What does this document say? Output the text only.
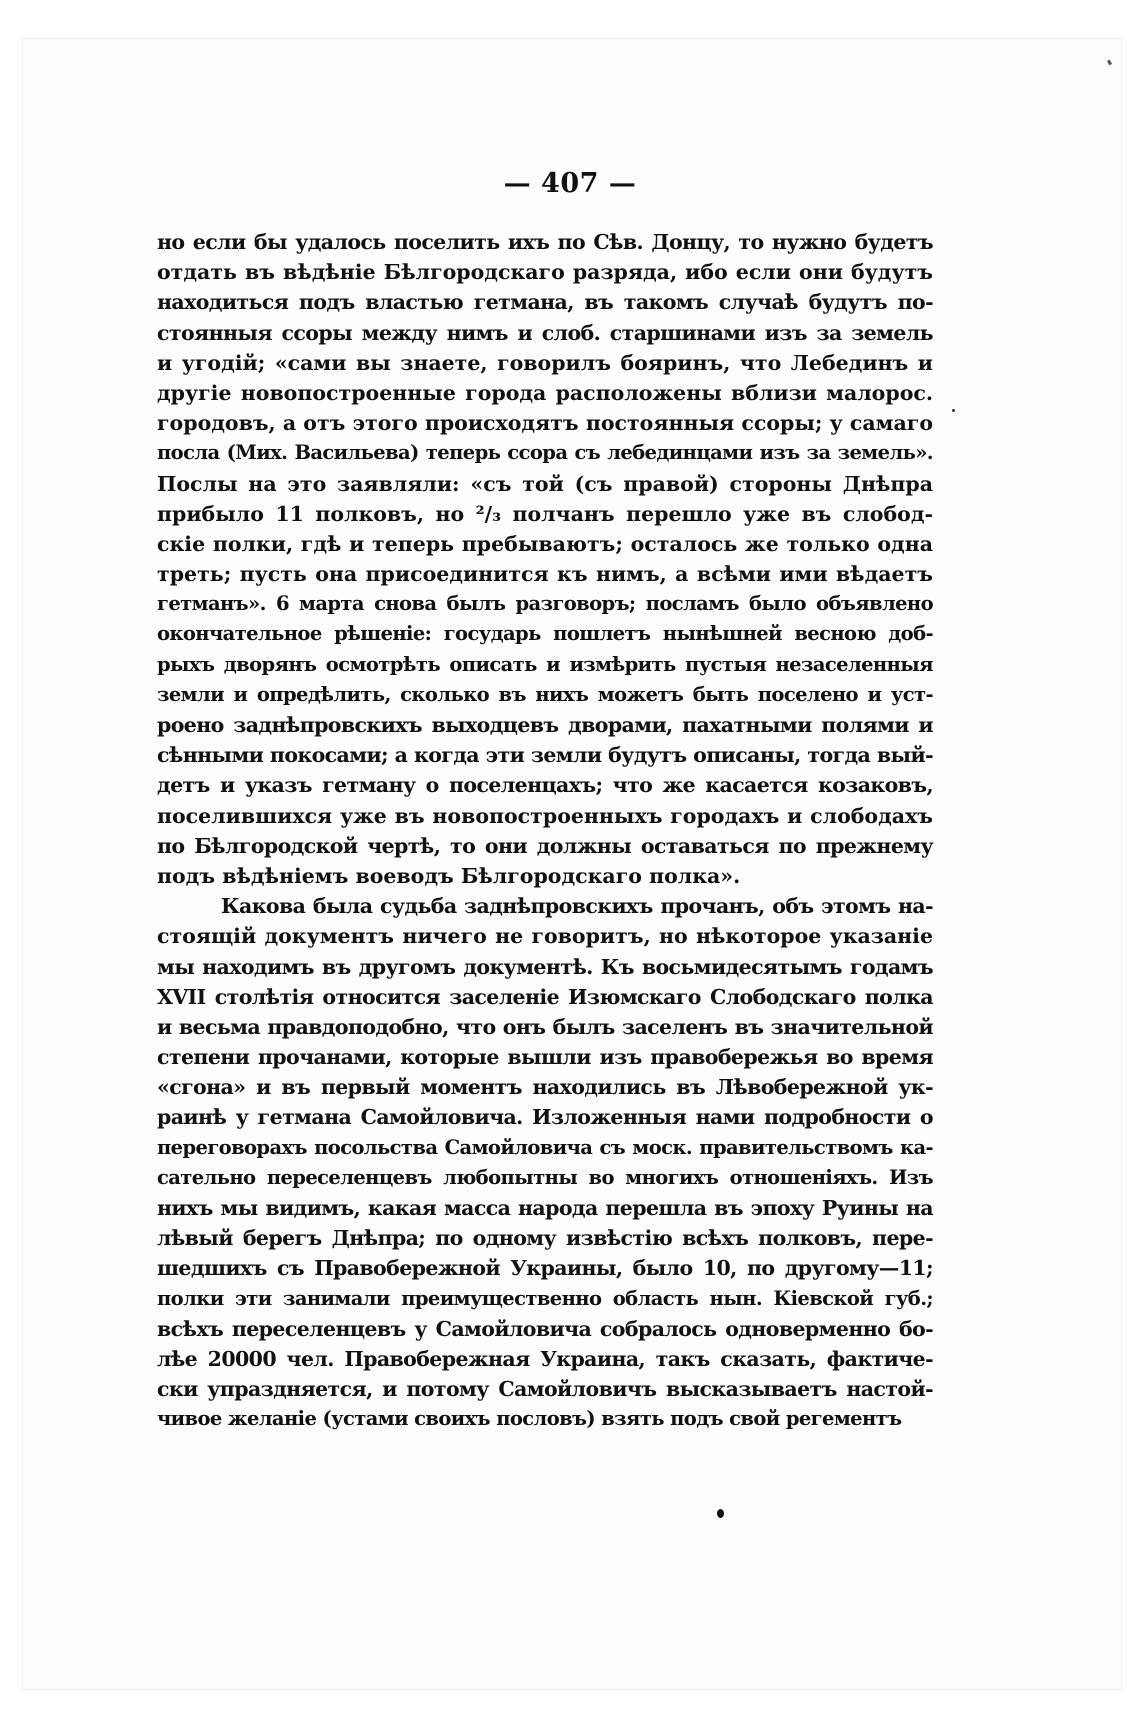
— 407 —
но если бы удалось поселить ихъ по Сѣв. Донцу, то нужно будетъ
отдать въ вѣдѣніе Бѣлгородскаго разряда, ибо если они будутъ
находиться подъ властью гетмана, въ такомъ случаѣ будутъ по-
стоянныя ссоры между нимъ и слоб. старшинами изъ за земель
и угодій; «сами вы знаете, говорилъ бояринъ, что Лебединъ и
другіе новопостроенные города расположены вблизи малорос.
городовъ, а отъ этого происходятъ постоянныя ссоры; у самаго
посла (Мих. Васильева) теперь ссора съ лебединцами изъ за земель».
Послы на это заявляли: «съ той (съ правой) стороны Днѣпра
прибыло 11 полковъ, но ²/₃ полчанъ перешло уже въ слобод-
скіе полки, гдѣ и теперь пребываютъ; осталось же только одна
треть; пусть она присоединится къ нимъ, а всѣми ими вѣдаетъ
гетманъ». 6 марта снова былъ разговоръ; посламъ было объявлено
окончательное рѣшеніе: государь пошлетъ нынѣшней весною доб-
рыхъ дворянъ осмотрѣть описать и измѣрить пустыя незаселенныя
земли и опредѣлить, сколько въ нихъ можетъ быть поселено и уст-
роено заднѣпровскихъ выходцевъ дворами, пахатными полями и
сѣнными покосами; а когда эти земли будутъ описаны, тогда вый-
детъ и указъ гетману о поселенцахъ; что же касается козаковъ,
поселившихся уже въ новопостроенныхъ городахъ и слободахъ
по Бѣлгородской чертѣ, то они должны оставаться по прежнему
подъ вѣдѣніемъ воеводъ Бѣлгородскаго полка».
Какова была судьба заднѣпровскихъ прочанъ, объ этомъ на-
стоящій документъ ничего не говоритъ, но нѣкоторое указаніе
мы находимъ въ другомъ документѣ. Къ восьмидесятымъ годамъ
XVII столѣтія относится заселеніе Изюмскаго Слободскаго полка
и весьма правдоподобно, что онъ былъ заселенъ въ значительной
степени прочанами, которые вышли изъ правобережья во время
«сгона» и въ первый моментъ находились въ Лѣвобережной ук-
раинѣ у гетмана Самойловича. Изложенныя нами подробности о
переговорахъ посольства Самойловича съ моск. правительствомъ ка-
сательно переселенцевъ любопытны во многихъ отношеніяхъ. Изъ
нихъ мы видимъ, какая масса народа перешла въ эпоху Руины на
лѣвый берегъ Днѣпра; по одному извѣстію всѣхъ полковъ, пере-
шедшихъ съ Правобережной Украины, было 10, по другому—11;
полки эти занимали преимущественно область нын. Кіевской губ.;
всѣхъ переселенцевъ у Самойловича собралось одноверменно бо-
лѣе 20000 чел. Правобережная Украина, такъ сказать, фактиче-
ски упраздняется, и потому Самойловичъ высказываетъ настой-
чивое желаніе (устами своихъ пословъ) взять подъ свой регементъ
